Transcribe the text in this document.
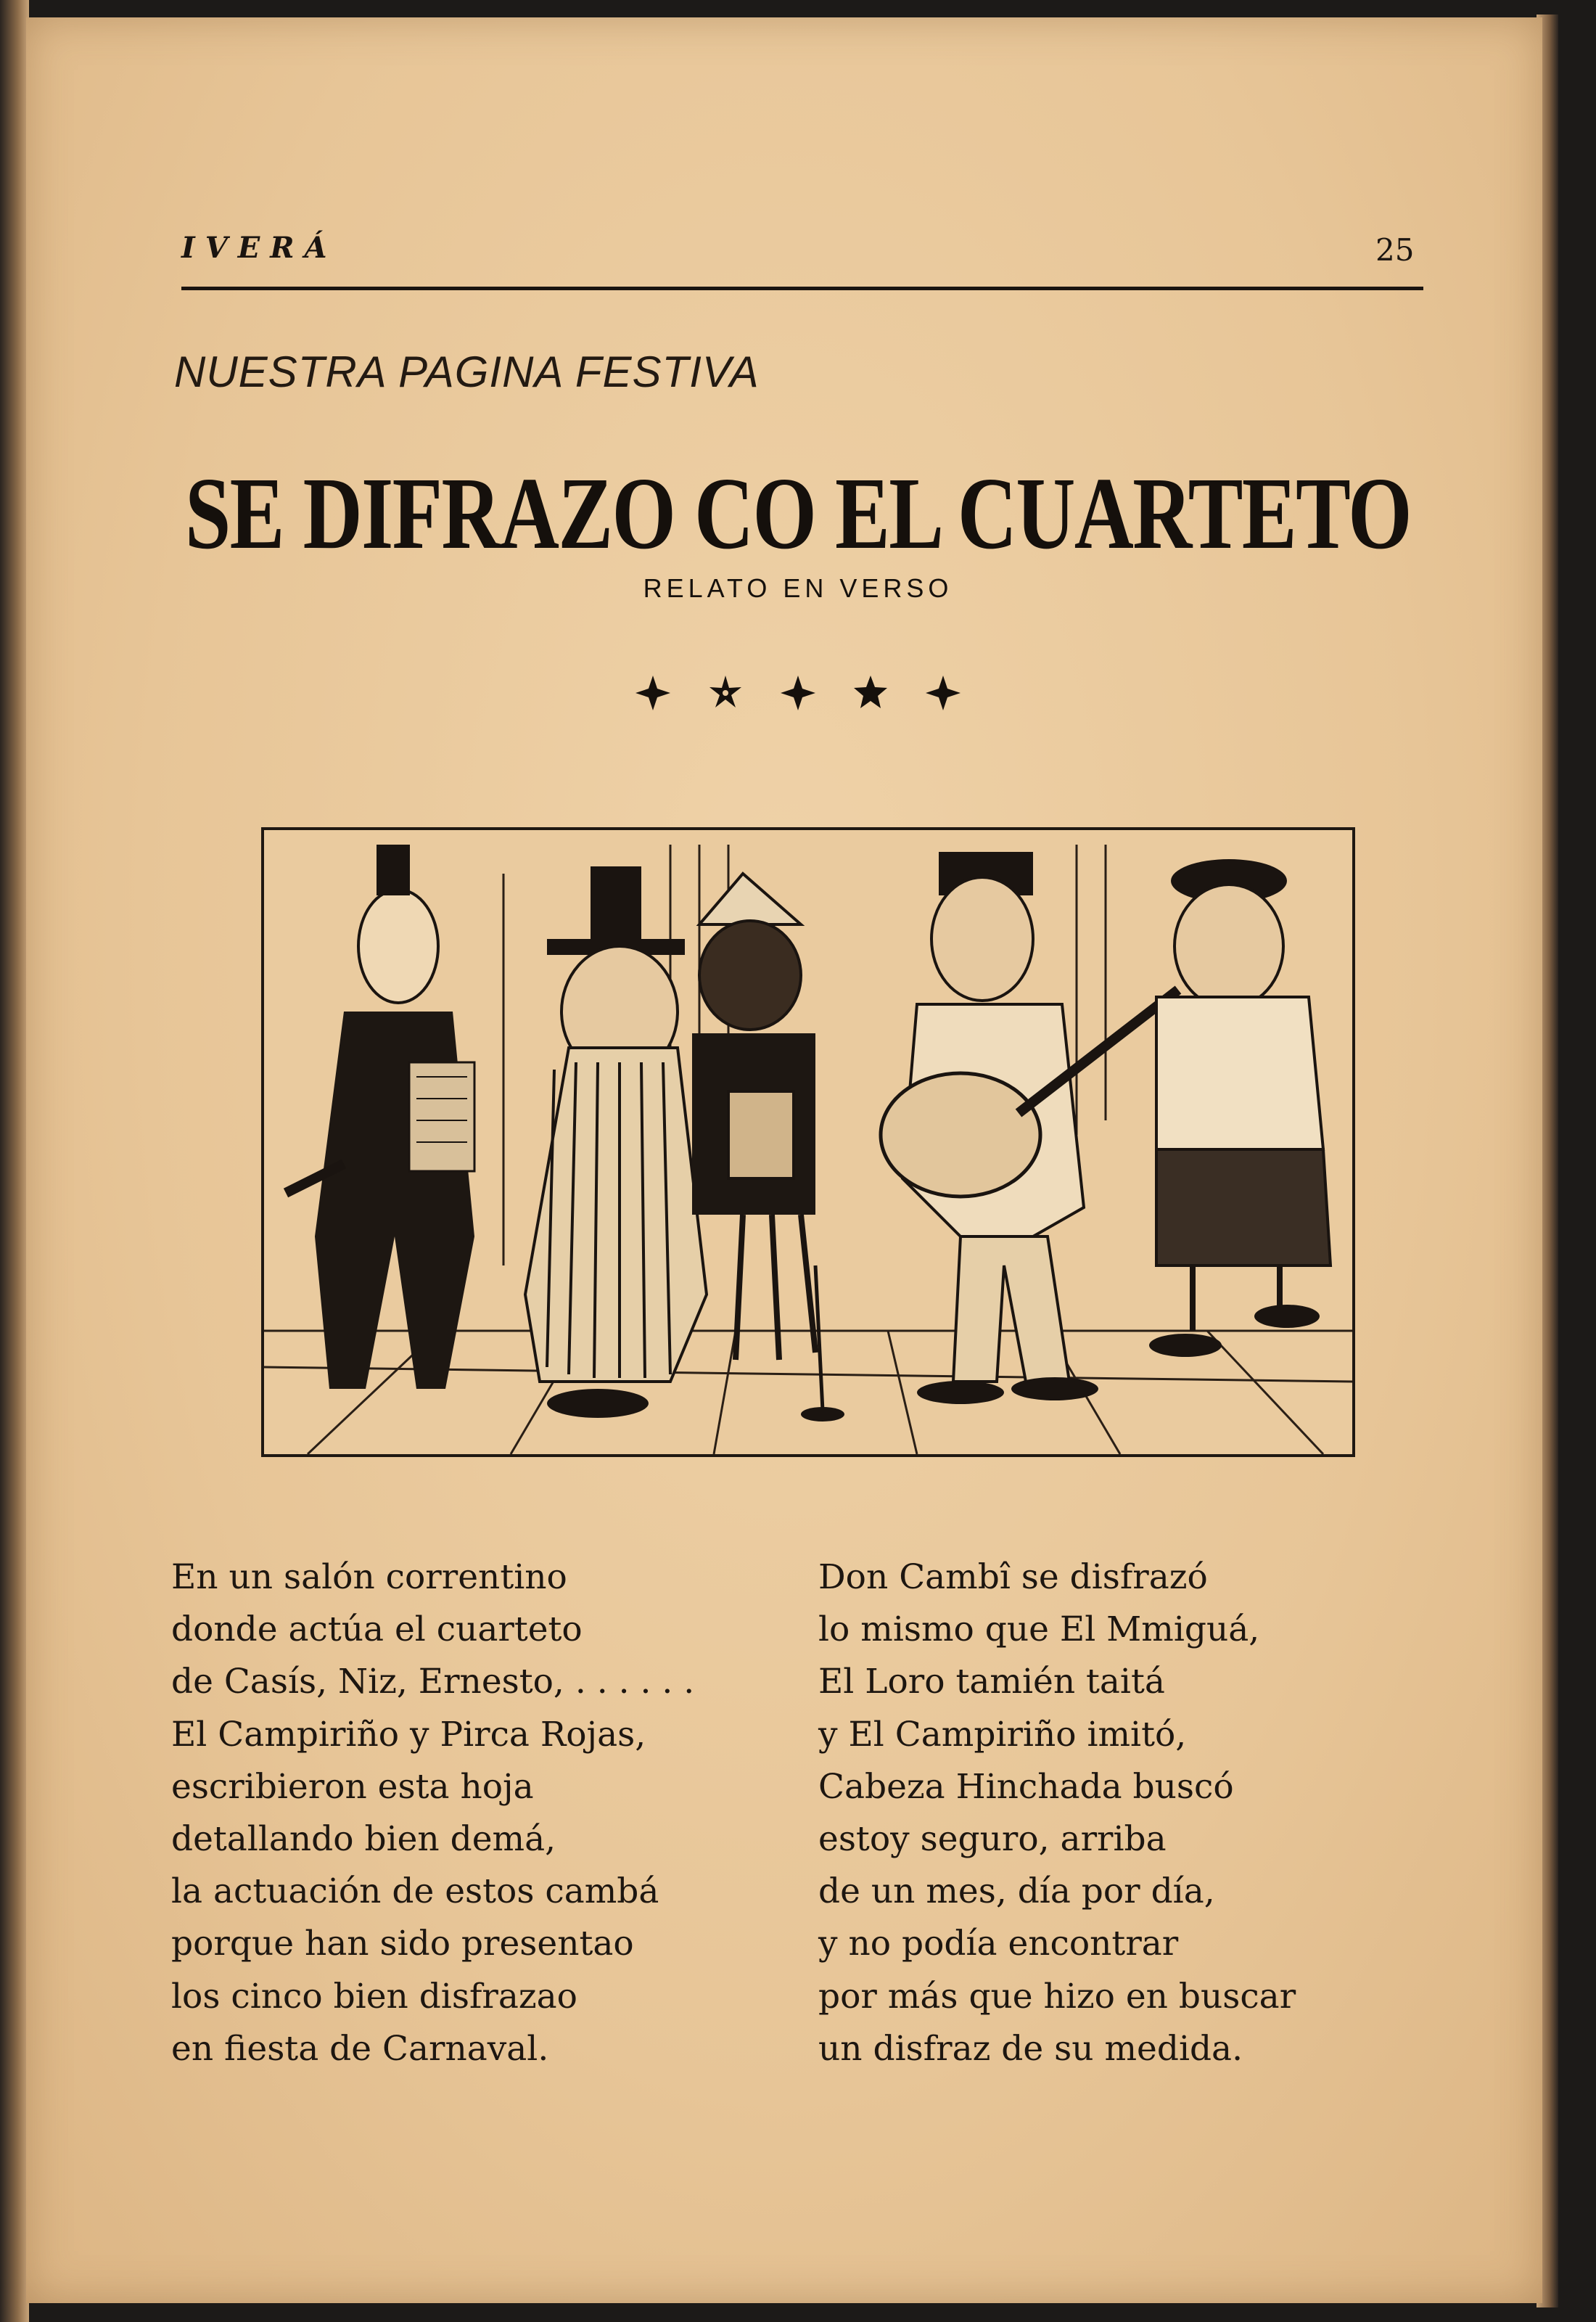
IVERÁ	25
NUESTRA PAGINA FESTIVA
SE DIFRAZO CO EL CUARTETO
RELATO EN VERSO
En un salón correntino
donde actúa el cuarteto
de Casís, Niz, Ernesto, . . . . . .
El Campiriño y Pirca Rojas,
escribieron esta hoja
detallando bien demá,
la actuación de estos cambá
porque han sido presentao
los cinco bien disfrazao
en fiesta de Carnaval.
Don Cambî se disfrazó
lo mismo que El Mmiguá,
El Loro tamién taitá
y El Campiriño imitó,
Cabeza Hinchada buscó
estoy seguro, arriba
de un mes, día por día,
y no podía encontrar
por más que hizo en buscar
un disfraz de su medida.
